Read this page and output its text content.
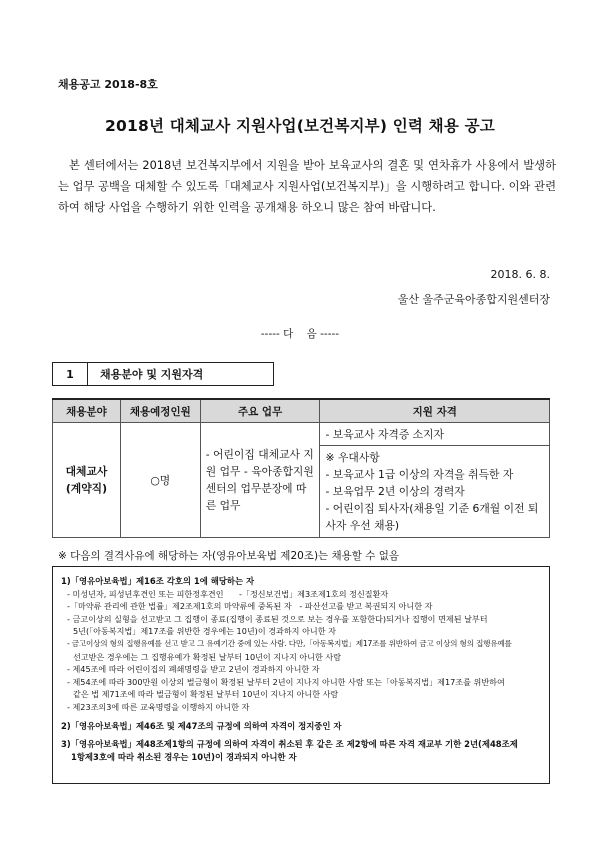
채용공고 2018-8호
2018년 대체교사 지원사업(보건복지부) 인력 채용 공고
본 센터에서는 2018년 보건복지부에서 지원을 받아 보육교사의 결혼 및 연차휴가 사용에서 발생하는 업무 공백을 대체할 수 있도록「대체교사 지원사업(보건복지부)」을 시행하려고 합니다. 이와 관련하여 해당 사업을 수행하기 위한 인력을 공개채용 하오니 많은 참여 바랍니다.
2018. 6. 8.
울산 울주군육아종합지원센터장
----- 다    음 -----
1	채용분야 및 지원자격
채용분야	채용예정인원	주요 업무	지원 자격

대체교사
(계약직)	○명	- 어린이집 대체교사 지원 업무 - 육아종합지원센터의 업무분장에 따른 업무	- 보육교사 자격증 소지자

			※ 우대사항
- 보육교사 1급 이상의 자격을 취득한 자
- 보육업무 2년 이상의 경력자
- 어린이집 퇴사자(채용일 기준 6개월 이전 퇴사자 우선 채용)
※ 다음의 결격사유에 해당하는 자(영유아보육법 제20조)는 채용할 수 없음
1)「영유아보육법」제16조 각호의 1에 해당하는 자
- 미성년자, 피성년후견인 또는 피한정후견인      -「정신보건법」제3조제1호의 정신질환자
-「마약류 관리에 관한 법률」제2조제1호의 마약류에 중독된 자   - 파산선고를 받고 복권되지 아니한 자
- 금고이상의 실형을 선고받고 그 집행이 종료(집행이 종료된 것으로 보는 경우를 포함한다)되거나 집행이 면제된 날부터
5년(「아동복지법」제17조를 위반한 경우에는 10년)이 경과하지 아니한 자
- 금고이상의 형의 집행유예를 선고 받고 그 유예기간 중에 있는 사람. 다만,「아동복지법」제17조를 위반하여 금고 이상의 형의 집행유예를
선고받은 경우에는 그 집행유예가 확정된 날부터 10년이 지나지 아니한 사람
- 제45조에 따라 어린이집의 폐쇄명령을 받고 2년이 경과하지 아니한 자
- 제54조에 따라 300만원 이상의 벌금형이 확정된 날부터 2년이 지나지 아니한 사람 또는「아동복지법」제17조를 위반하여
같은 법 제71조에 따라 벌금형이 확정된 날부터 10년이 지나지 아니한 사람
- 제23조의3에 따른 교육명령을 이행하지 아니한 자
2)「영유아보육법」제46조 및 제47조의 규정에 의하여 자격이 정지중인 자
3)「영유아보육법」제48조제1항의 규정에 의하여 자격이 취소된 후 같은 조 제2항에 따른 자격 재교부 기한 2년(제48조제
1항제3호에 따라 취소된 경우는 10년)이 경과되지 아니한 자
